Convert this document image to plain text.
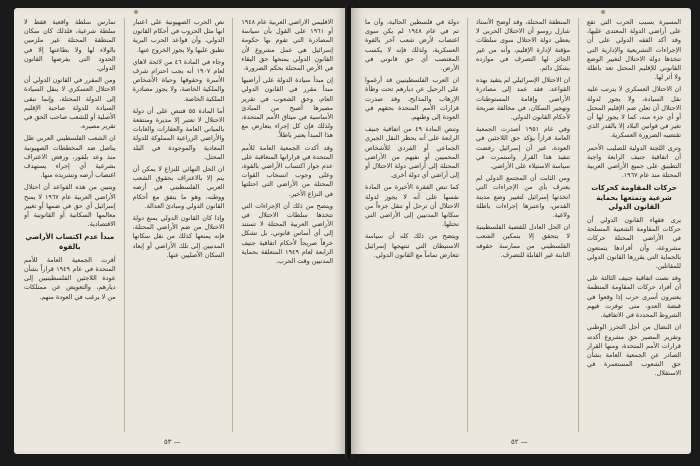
الاقليمي الاراضي العربية عام ١٩٤٨ أو ١٩٦١ على القول بأن سياسة المصادرة التي تقوم بها حكومة إسرائيل هي عمل مشروع لأن القانون الدولي يمنحها حق البقاء في الأرض المحتلة بحكم الضرورة.

إن مبدأ سيادة الدولة على أراضيها مبدأ مقرر في القانون الدولي العام، وحق الشعوب في تقرير مصيرها أصبح من المبادئ الأساسية في ميثاق الأمم المتحدة، ولذلك فإن كل إجراء يتعارض مع هذا المبدأ يعتبر باطلاً.

وقد أكدت الجمعية العامة للأمم المتحدة في قراراتها المتعاقبة على عدم جواز اكتساب الأراضي بالقوة، وعلى وجوب انسحاب القوات المحتلة من الأراضي التي احتلتها في النزاع الأخير.

ويتضح من ذلك أن الإجراءات التي تتخذها سلطات الاحتلال في الأراضي العربية المحتلة لا تستند إلى أي أساس قانوني، بل تشكل خرقاً صريحاً لأحكام اتفاقية جنيف الرابعة لعام ١٩٤٩ المتعلقة بحماية المدنيين وقت الحرب.

نص الحرب الصهيونية على اعتبار انها مثل الحروب في أحكام القانون الدولي، وأن قواعد الحرب البرية تطبق عليها ولا يجوز الخروج عنها.

وجاء في المادة ٤٦ من لائحة لاهاي لعام ١٩٠٧ أنه يجب احترام شرف الأسرة وحقوقها وحياة الأشخاص والملكية الخاصة، ولا يجوز مصادرة الملكية الخاصة.

أما المادة ٥٥ فتنص على أن دولة الاحتلال لا تعتبر إلا مديرة ومنتفعة بالمباني العامة والعقارات والغابات والأراضي الزراعية المملوكة للدولة المعادية والموجودة في البلد المحتل.

ان الحل النهائي للنزاع لا يمكن أن يتم إلا بالاعتراف بحقوق الشعب العربي الفلسطيني في أرضه ووطنه، وهو ما يتفق مع أحكام القانون الدولي ومبادئ العدالة.

وإذا كان القانون الدولي يمنع دولة الاحتلال من ضم الأراضي المحتلة، فإنه يمنعها كذلك من نقل سكانها المدنيين إلى تلك الأراضي أو إبعاد السكان الأصليين عنها.

تمارس سلطة واقعية فقط لا سلطة شرعية، فلذلك كان سكان المنطقة المحتلة غير ملزمين بالولاء لها ولا بطاعتها إلا في الحدود التي يفرضها القانون الدولي.

ومن المقرر في القانون الدولي أن الاحتلال العسكري لا ينقل السيادة إلى الدولة المحتلة، وإنما تبقى السيادة للدولة صاحبة الإقليم الأصلية أو للشعب صاحب الحق في تقرير مصيره.

ان الشعب الفلسطيني العربي ظل يناضل ضد المخططات الصهيونية منذ وعد بلفور، ورفض الاعتراف بشرعية أي إجراء يستهدف اغتصاب أرضه وتشريده منها.

ويتبين من هذه القواعد أن احتلال الأراضي العربية عام ١٩٦٧ لا يمنح إسرائيل أي حق في ضمها أو تغيير معالمها السكانية أو القانونية أو الاقتصادية.

مبدأ عدم اكتساب الأراضي بالقوة

أقرت الجمعية العامة للأمم المتحدة في عام ١٩٤٩ قراراً بشأن عودة اللاجئين الفلسطينيين إلى ديارهم، والتعويض عن ممتلكات من لا يرغب في العودة منهم.

٥٣ —

المسيرة بسبب الحرب التي تقع على أراضي الدولة المعتدى عليها، وقد أكد الفقه الدولي على أن الإجراءات التشريعية والإدارية التي تتخذها دولة الاحتلال لتغيير الوضع القانوني للإقليم المحتل تعد باطلة ولا أثر لها.

ان الاحتلال العسكري لا يترتب عليه نقل السيادة، ولا يجوز لدولة الاحتلال أن تعلن ضم الإقليم المحتل أو أي جزء منه، كما لا يجوز لها أن تغير في قوانين البلاد إلا بالقدر الذي تقتضيه الضرورة العسكرية.

وترى اللجنة الدولية للصليب الأحمر أن اتفاقية جنيف الرابعة واجبة التطبيق على جميع الأراضي العربية المحتلة منذ عام ١٩٦٧.

حركات المقاومة كحركات شرعية وتمتعها بحماية القانون الدولي

يرى فقهاء القانون الدولي أن حركات المقاومة الشعبية المسلحة في الأراضي المحتلة حركات مشروعة، وأن أفرادها يتمتعون بالحماية التي يقررها القانون الدولي للمقاتلين.

وقد نصت اتفاقية جنيف الثالثة على أن أفراد حركات المقاومة المنظمة يعتبرون أسرى حرب إذا وقعوا في قبضة العدو، متى توفرت فيهم الشروط المحددة في الاتفاقية.

ان النضال من أجل التحرر الوطني وتقرير المصير حق مشروع أكدته قرارات الأمم المتحدة، ومنها القرار الصادر عن الجمعية العامة بشأن حق الشعوب المستعمرة في الاستقلال.

المنطقة المحتلة، وقد أوضح الأستاذ شارل روسو أن الاحتلال الحربي لا يعطي دولة الاحتلال سوى سلطات مؤقتة لإدارة الإقليم، وأنه من غير الجائز لها التصرف في موارده بشكل دائم.

ان الاحتلال الإسرائيلي لم يتقيد بهذه القواعد، فقد عمد إلى مصادرة الأراضي وإقامة المستوطنات وتهجير السكان، في مخالفة صريحة لأحكام القانون الدولي.

وفي عام ١٩٥١ أصدرت الجمعية العامة قراراً يؤكد حق اللاجئين في العودة، غير أن إسرائيل رفضت تنفيذ هذا القرار واستمرت في سياسة الاستيلاء على الأراضي.

ومن الثابت أن المجتمع الدولي لم يعترف بأي من الإجراءات التي اتخذتها إسرائيل لتغيير وضع مدينة القدس، واعتبرها إجراءات باطلة ولاغية.

ان الحل العادل للقضية الفلسطينية لا يتحقق إلا بتمكين الشعب الفلسطيني من ممارسة حقوقه الثابتة غير القابلة للتصرف.

دولة في فلسطين الحالية، وأن ما تم في عام ١٩٤٨ لم يكن سوى اغتصاب لأرض شعب آخر بالقوة العسكرية، ولذلك فإنه لا يكسب المغتصب أي حق قانوني في الأرض.

ان العرب الفلسطينيين قد أرغموا على الرحيل عن ديارهم تحت وطأة الإرهاب والمذابح، وقد صدرت قرارات الأمم المتحدة بحقهم في العودة إلى وطنهم.

وتنص المادة ٤٩ من اتفاقية جنيف الرابعة على أنه يحظر النقل الجبري الجماعي أو الفردي للأشخاص المحميين أو نفيهم من الأراضي المحتلة إلى أراضي دولة الاحتلال أو إلى أراضي أي دولة أخرى.

كما تنص الفقرة الأخيرة من المادة نفسها على أنه لا يجوز لدولة الاحتلال أن ترحل أو تنقل جزءاً من سكانها المدنيين إلى الأراضي التي تحتلها.

ويتضح من ذلك كله أن سياسة الاستيطان التي تنتهجها إسرائيل تتعارض تماماً مع القانون الدولي.

٥٢ —
